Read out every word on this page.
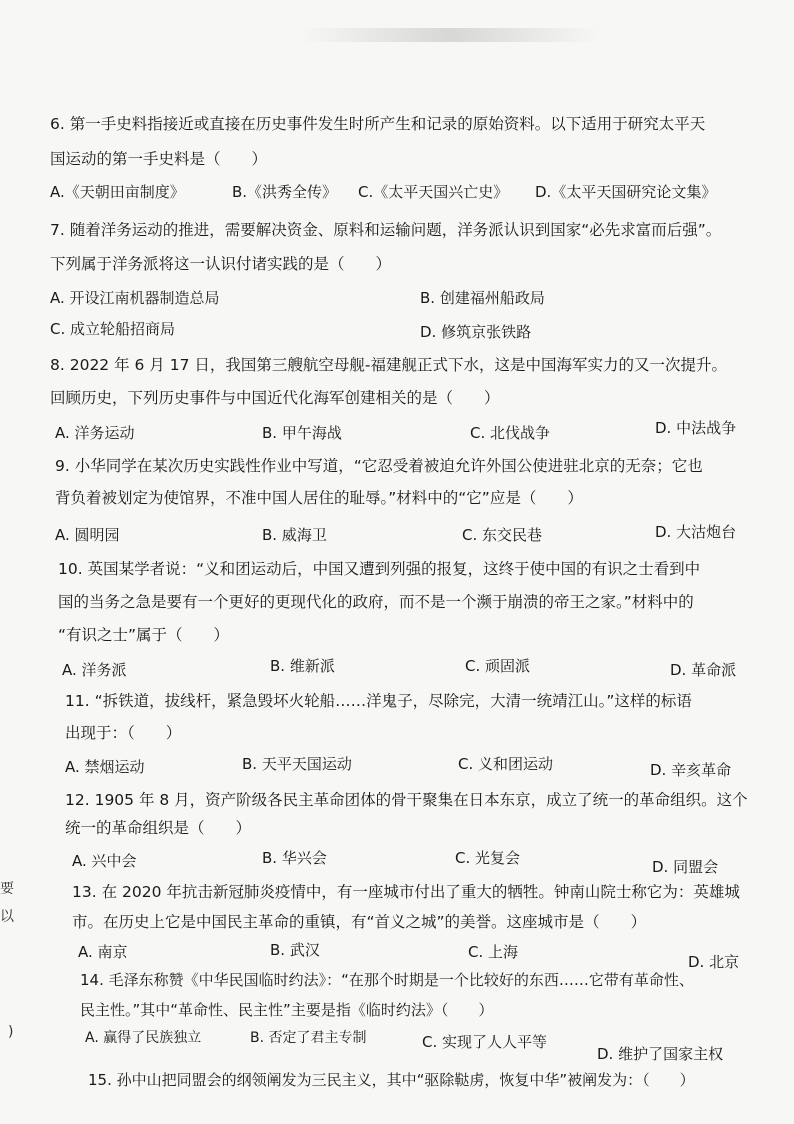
要
以
)
6. 第一手史料指接近或直接在历史事件发生时所产生和记录的原始资料。以下适用于研究太平天
国运动的第一手史料是（　　）
A.《天朝田亩制度》	B.《洪秀全传》 C.《太平天国兴亡史》 D.《太平天国研究论文集》
7. 随着洋务运动的推进，需要解决资金、原料和运输问题，洋务派认识到国家“必先求富而后强”。
下列属于洋务派将这一认识付诸实践的是（　　）
A. 开设江南机器制造总局	B. 创建福州船政局
C. 成立轮船招商局	D. 修筑京张铁路
8. 2022 年 6 月 17 日，我国第三艘航空母舰-福建舰正式下水，这是中国海军实力的又一次提升。
回顾历史，下列历史事件与中国近代化海军创建相关的是（　　）
A. 洋务运动	B. 甲午海战	C. 北伐战争	D. 中法战争
9. 小华同学在某次历史实践性作业中写道，“它忍受着被迫允许外国公使进驻北京的无奈；它也
背负着被划定为使馆界，不准中国人居住的耻辱。”材料中的“它”应是（　　）
A. 圆明园	B. 威海卫	C. 东交民巷	D. 大沽炮台
10. 英国某学者说：“义和团运动后，中国又遭到列强的报复，这终于使中国的有识之士看到中
国的当务之急是要有一个更好的更现代化的政府，而不是一个濒于崩溃的帝王之家。”材料中的
“有识之士”属于（　　）
A. 洋务派	B. 维新派	C. 顽固派	D. 革命派
11. “拆铁道，拔线杆，紧急毁坏火轮船……洋鬼子，尽除完，大清一统靖江山。”这样的标语
出现于：（　　）
A. 禁烟运动	B. 天平天国运动	C. 义和团运动	D. 辛亥革命
12. 1905 年 8 月，资产阶级各民主革命团体的骨干聚集在日本东京，成立了统一的革命组织。这个
统一的革命组织是（　　）
A. 兴中会	B. 华兴会	C. 光复会	D. 同盟会
13. 在 2020 年抗击新冠肺炎疫情中，有一座城市付出了重大的牺牲。钟南山院士称它为：英雄城
市。在历史上它是中国民主革命的重镇，有“首义之城”的美誉。这座城市是（　　）
A. 南京	B. 武汉	C. 上海
D. 北京
14. 毛泽东称赞《中华民国临时约法》：“在那个时期是一个比较好的东西……它带有革命性、
民主性。”其中“革命性、民主性”主要是指《临时约法》（　　）
A. 赢得了民族独立	B. 否定了君主专制	C. 实现了人人平等
D. 维护了国家主权
15. 孙中山把同盟会的纲领阐发为三民主义，其中“驱除鞑虏，恢复中华”被阐发为：（　　）
